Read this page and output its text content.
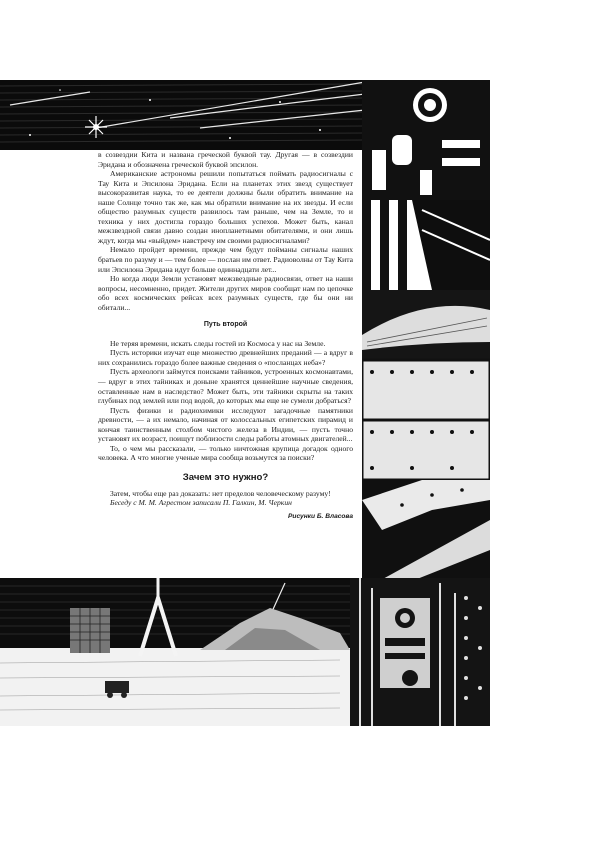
в созвездии Кита и названа греческой буквой тау. Другая — в созвездии Эридана и обозначена греческой буквой эпсилон.

Американские астрономы решили попытаться поймать радиосигналы с Тау Кита и Эпсилона Эридана. Если на планетах этих звезд существует высокоразвитая наука, то ее деятели должны были обратить внимание на наше Солнце точно так же, как мы обратили внимание на их звезды. И если общество разумных существ развилось там раньше, чем на Земле, то и техника у них достигла гораздо больших успехов. Может быть, канал межзвездной связи давно создан инопланетными обитателями, и они лишь ждут, когда мы «выйдем» навстречу им своими радиосигналами?

Немало пройдет времени, прежде чем будут пойманы сигналы наших братьев по разуму и — тем более — послан им ответ. Радиоволны от Тау Кита или Эпсилона Эридана идут больше одиннадцати лет...

Но когда люди Земли установят межзвездные радиосвязи, ответ на наши вопросы, несомненно, придет. Жители других миров сообщат нам по цепочке обо всех космических рейсах всех разумных существ, где бы они ни обитали...

Путь второй

Не теряя времени, искать следы гостей из Космоса у нас на Земле.

Пусть историки изучат еще множество древнейших преданий — а вдруг в них сохранились гораздо более важные сведения о «посланцах неба»?

Пусть археологи займутся поисками тайников, устроенных космонавтами, — вдруг в этих тайниках и доныне хранятся ценнейшие научные сведения, оставленные нам в наследство? Может быть, эти тайники скрыты на таких глубинах под землей или под водой, до которых мы еще не сумели добраться?

Пусть физики и радиохимики исследуют загадочные памятники древности, — а их немало, начиная от колоссальных египетских пирамид и кончая таинственным столбом чистого железа в Индии, — пусть точно установят их возраст, поищут поблизости следы работы атомных двигателей...

То, о чем мы рассказали, — только ничтожная крупица догадок одного человека. А что многие ученые мира сообща возьмутся за поиски?

Зачем это нужно?

Затем, чтобы еще раз доказать: нет пределов человеческому разуму!

Беседу с М. М. Агрестом записали П. Галкин, М. Черкин

Рисунки Б. Власова
